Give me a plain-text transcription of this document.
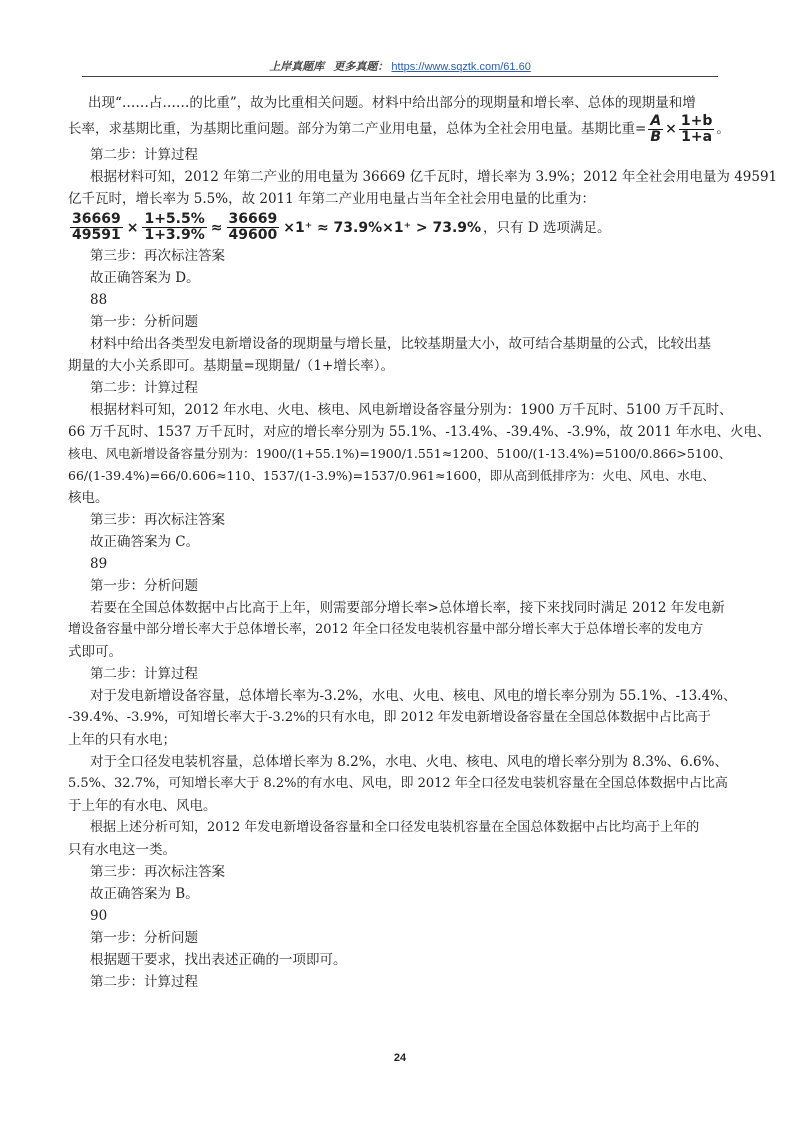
上岸真题库 更多真题： https://www.sqztk.com/61.60

出现“……占……的比重”，故为比重相关问题。材料中给出部分的现期量和增长率、总体的现期量和增

长率，求基期比重，为基期比重问题。部分为第二产业用电量，总体为全社会用电量。基期比重= $\frac{A}{B} \times \frac{1+b}{1+a}$ 。

第二步：计算过程

根据材料可知，2012 年第二产业的用电量为 36669 亿千瓦时，增长率为 3.9%；2012 年全社会用电量为 49591

亿千瓦时，增长率为 5.5%，故 2011 年第二产业用电量占当年全社会用电量的比重为：

$\frac{36669}{49591} \times \frac{1+5.5\%}{1+3.9\%} \approx \frac{36669}{49600} \times 1^+ \approx 73.9\%\times 1^+ > 73.9\%$ ，只有 D 选项满足。

第三步：再次标注答案

故正确答案为 D。

88

第一步：分析问题

材料中给出各类型发电新增设备的现期量与增长量，比较基期量大小，故可结合基期量的公式，比较出基

期量的大小关系即可。基期量=现期量/（1+增长率）。

第二步：计算过程

根据材料可知，2012 年水电、火电、核电、风电新增设备容量分别为：1900 万千瓦时、5100 万千瓦时、

66 万千瓦时、1537 万千瓦时，对应的增长率分别为 55.1%、-13.4%、-39.4%、-3.9%，故 2011 年水电、火电、

核电、风电新增设备容量分别为：1900/(1+55.1%)=1900/1.551≈1200、5100/(1-13.4%)=5100/0.866>5100、

66/(1-39.4%)=66/0.606≈110、1537/(1-3.9%)=1537/0.961≈1600，即从高到低排序为：火电、风电、水电、

核电。

第三步：再次标注答案

故正确答案为 C。

89

第一步：分析问题

若要在全国总体数据中占比高于上年，则需要部分增长率>总体增长率，接下来找同时满足 2012 年发电新

增设备容量中部分增长率大于总体增长率，2012 年全口径发电装机容量中部分增长率大于总体增长率的发电方

式即可。

第二步：计算过程

对于发电新增设备容量，总体增长率为-3.2%，水电、火电、核电、风电的增长率分别为 55.1%、-13.4%、

-39.4%、-3.9%，可知增长率大于-3.2%的只有水电，即 2012 年发电新增设备容量在全国总体数据中占比高于

上年的只有水电；

对于全口径发电装机容量，总体增长率为 8.2%，水电、火电、核电、风电的增长率分别为 8.3%、6.6%、

5.5%、32.7%，可知增长率大于 8.2%的有水电、风电，即 2012 年全口径发电装机容量在全国总体数据中占比高

于上年的有水电、风电。

根据上述分析可知，2012 年发电新增设备容量和全口径发电装机容量在全国总体数据中占比均高于上年的

只有水电这一类。

第三步：再次标注答案

故正确答案为 B。

90

第一步：分析问题

根据题干要求，找出表述正确的一项即可。

第二步：计算过程

24
